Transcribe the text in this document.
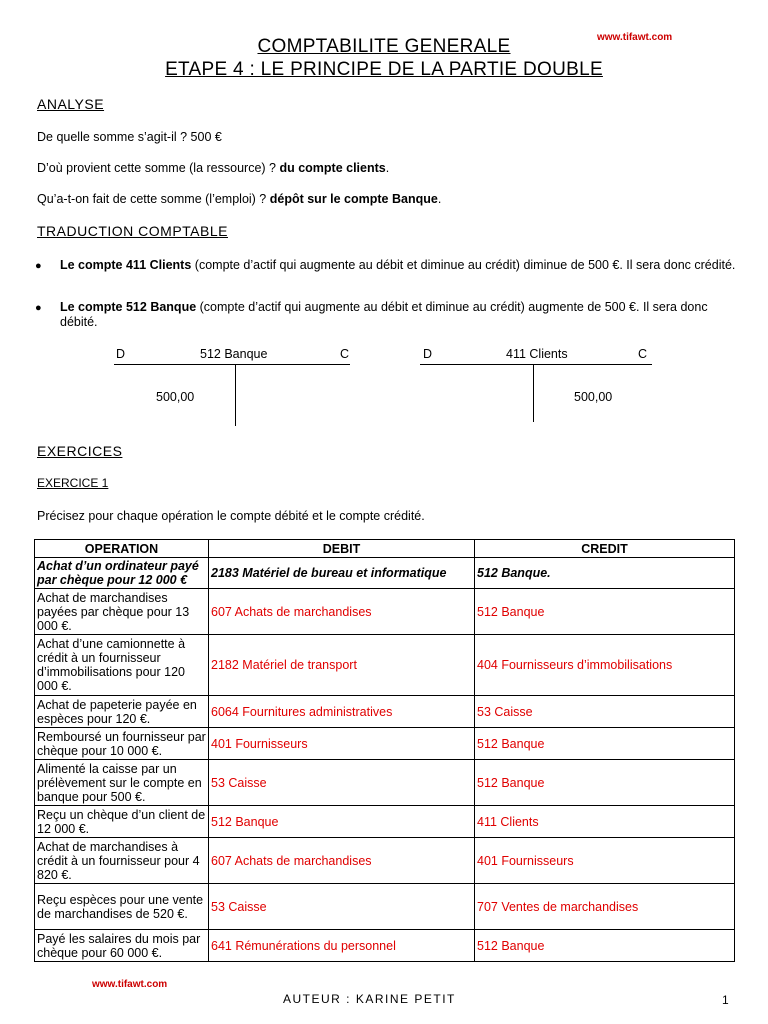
www.tifawt.com
COMPTABILITE GENERALE
ETAPE 4 : LE PRINCIPE DE LA PARTIE DOUBLE
ANALYSE
De quelle somme s’agit-il ? 500 €
D’où provient cette somme (la ressource) ? du compte clients.
Qu’a-t-on fait de cette somme (l’emploi) ? dépôt sur le compte Banque.
TRADUCTION COMPTABLE
● Le compte 411 Clients (compte d’actif qui augmente au débit et diminue au crédit) diminue de 500 €. Il sera donc crédité.
● Le compte 512 Banque (compte d’actif qui augmente au débit et diminue au crédit) augmente de 500 €. Il sera donc débité.
D	512 Banque	C
500,00
D	411 Clients	C
500,00
EXERCICES
EXERCICE 1
Précisez pour chaque opération le compte débité et le compte crédité.
OPERATION	DEBIT	CREDIT
Achat d’un ordinateur payé par chèque pour 12 000 €	2183 Matériel de bureau et informatique	512 Banque.
Achat de marchandises payées par chèque pour 13 000 €.	607 Achats de marchandises	512 Banque
Achat d’une camionnette à crédit à un fournisseur d’immobilisations pour 120 000 €.	2182 Matériel de transport	404 Fournisseurs d’immobilisations
Achat de papeterie payée en espèces pour 120 €.	6064 Fournitures administratives	53 Caisse
Remboursé un fournisseur par chèque pour 10 000 €.	401 Fournisseurs	512 Banque
Alimenté la caisse par un prélèvement sur le compte en banque pour 500 €.	53 Caisse	512 Banque
Reçu un chèque d’un client de 12 000 €.	512 Banque	411 Clients
Achat de marchandises à crédit à un fournisseur pour 4 820 €.	607 Achats de marchandises	401 Fournisseurs
Reçu espèces pour une vente de marchandises de 520 €.	53 Caisse	707 Ventes de marchandises
Payé les salaires du mois par chèque pour 60 000 €.	641 Rémunérations du personnel	512 Banque
www.tifawt.com
AUTEUR : KARINE PETIT	1
